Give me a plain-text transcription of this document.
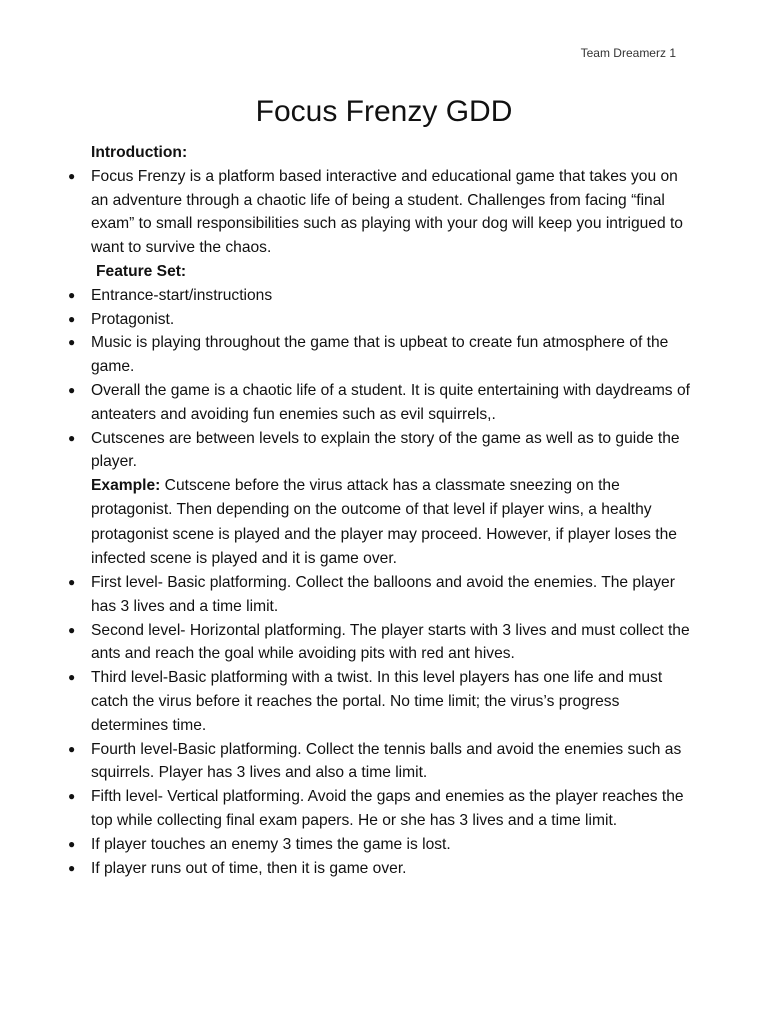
Team Dreamerz 1
Focus Frenzy GDD
Introduction:
● Focus Frenzy is a platform based interactive and educational game that takes you on an adventure through a chaotic life of being a student. Challenges from facing “final exam” to small responsibilities such as playing with your dog will keep you intrigued to want to survive the chaos.
Feature Set:
● Entrance-start/instructions
● Protagonist.
● Music is playing throughout the game that is upbeat to create fun atmosphere of the game.
● Overall the game is a chaotic life of a student. It is quite entertaining with daydreams of anteaters and avoiding fun enemies such as evil squirrels,.
● Cutscenes are between levels to explain the story of the game as well as to guide the player.
Example: Cutscene before the virus attack has a classmate sneezing on the protagonist. Then depending on the outcome of that level if player wins, a healthy protagonist scene is played and the player may proceed. However, if player loses the infected scene is played and it is game over.
● First level- Basic platforming. Collect the balloons and avoid the enemies. The player has 3 lives and a time limit.
● Second level- Horizontal platforming. The player starts with 3 lives and must collect the ants and reach the goal while avoiding pits with red ant hives.
● Third level-Basic platforming with a twist. In this level players has one life and must catch the virus before it reaches the portal. No time limit; the virus’s progress determines time.
● Fourth level-Basic platforming. Collect the tennis balls and avoid the enemies such as squirrels. Player has 3 lives and also a time limit.
● Fifth level- Vertical platforming. Avoid the gaps and enemies as the player reaches the top while collecting final exam papers. He or she has 3 lives and a time limit.
● If player touches an enemy 3 times the game is lost.
● If player runs out of time, then it is game over.
